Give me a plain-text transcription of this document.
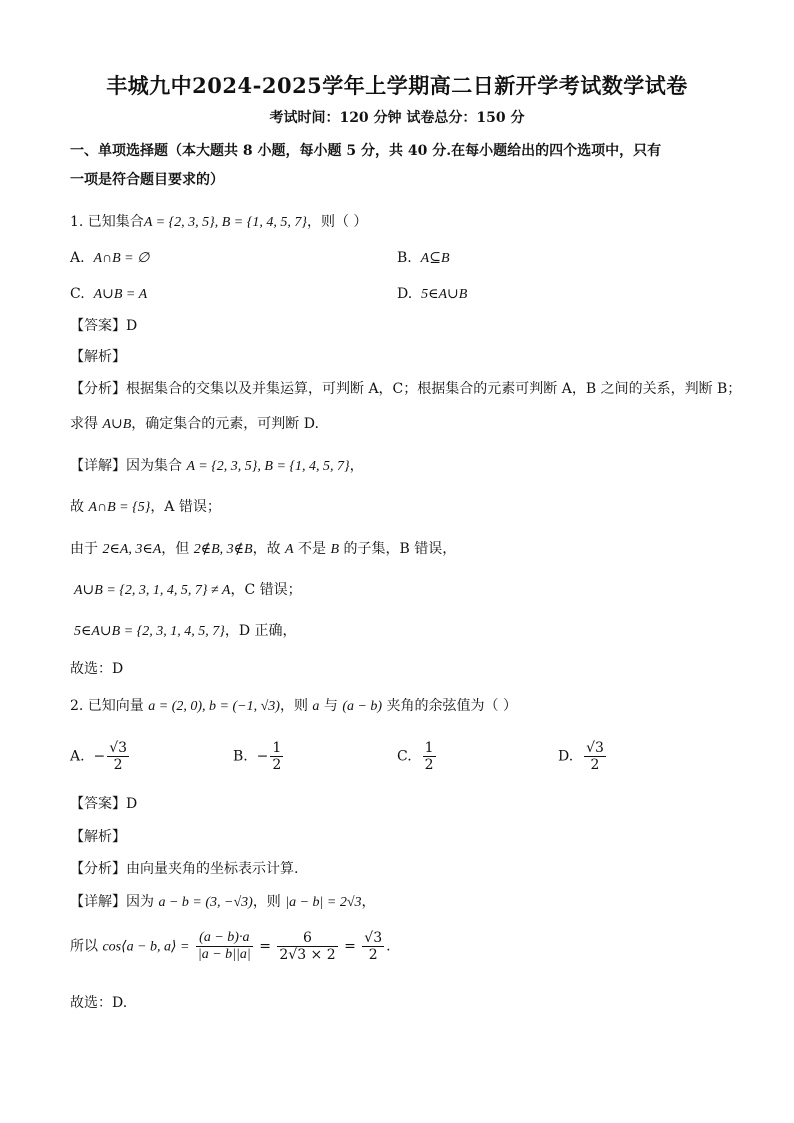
丰城九中2024-2025学年上学期高二日新开学考试数学试卷
考试时间：120 分钟 试卷总分：150 分
一、单项选择题（本大题共 8 小题，每小题 5 分，共 40 分.在每小题给出的四个选项中，只有
一项是符合题目要求的）
1. 已知集合A = {2, 3, 5}, B = {1, 4, 5, 7}，则（ ）
A. A∩B = ∅	B. A⊆B
C. A∪B = A	D. 5∈A∪B
【答案】D
【解析】
【分析】根据集合的交集以及并集运算，可判断 A，C；根据集合的元素可判断 A，B 之间的关系，判断 B；
求得 A∪B，确定集合的元素，可判断 D.
【详解】因为集合 A = {2, 3, 5}, B = {1, 4, 5, 7}，
故 A∩B = {5}，A 错误；
由于 2∈A, 3∈A，但 2∉B, 3∉B，故 A 不是 B 的子集，B 错误，
A∪B = {2, 3, 1, 4, 5, 7} ≠ A，C 错误；
5∈A∪B = {2, 3, 1, 4, 5, 7}，D 正确，
故选：D
2. 已知向量 a = (2, 0), b = (−1, √3)，则 a 与 (a − b) 夹角的余弦值为（ ）
A. − $\frac{√3}{2}$	B. − $\frac{1}{2}$	C. $\frac{1}{2}$	D. $\frac{√3}{2}$
【答案】D
【解析】
【分析】由向量夹角的坐标表示计算.
【详解】因为 a − b = (3, −√3)，则 |a − b| = 2√3，
所以 cos⟨a − b, a⟩ = $\frac{(a - b)\cdot a}{|a - b||a|} = \frac{6}{2√3 \times 2} = \frac{√3}{2}$ .
故选：D.
